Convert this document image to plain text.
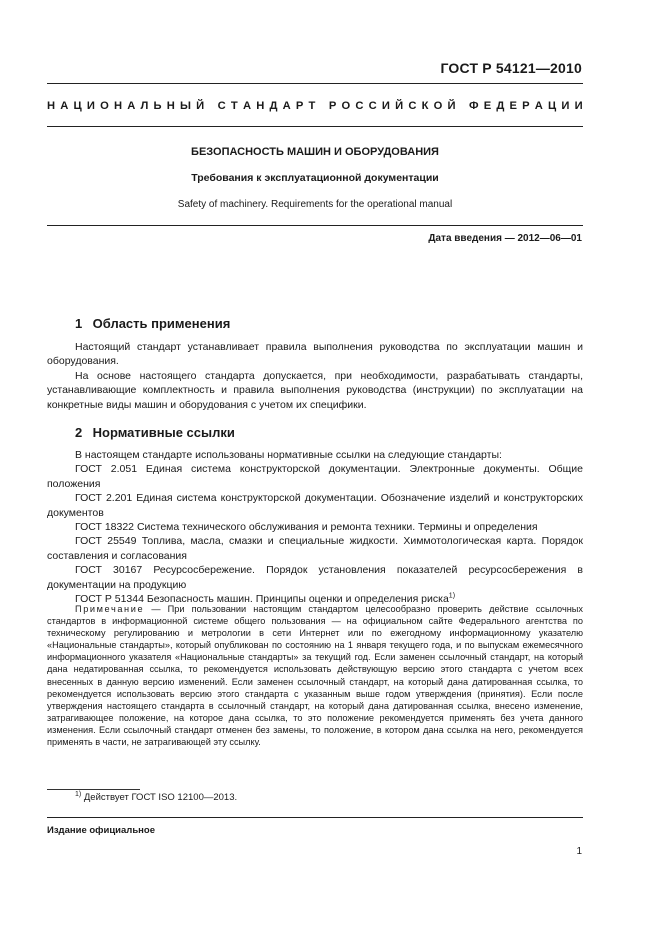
ГОСТ Р 54121—2010
Н А Ц И О Н А Л Ь Н Ы Й
С Т А Н Д А Р Т
Р О С С И Й С К О Й
Ф Е Д Е Р А Ц И И
БЕЗОПАСНОСТЬ МАШИН И ОБОРУДОВАНИЯ
Требования к эксплуатационной документации
Safety of machinery. Requirements for the operational manual
Дата введения — 2012—06—01
1 Область применения

Настоящий стандарт устанавливает правила выполнения руководства по эксплуатации машин и оборудования.

На основе настоящего стандарта допускается, при необходимости, разрабатывать стандарты, устанавливающие комплектность и правила выполнения руководства (инструкции) по эксплуатации на конкретные виды машин и оборудования с учетом их специфики.

2 Нормативные ссылки

В настоящем стандарте использованы нормативные ссылки на следующие стандарты:

ГОСТ 2.051 Единая система конструкторской документации. Электронные документы. Общие положения

ГОСТ 2.201 Единая система конструкторской документации. Обозначение изделий и конструкторских документов

ГОСТ 18322 Система технического обслуживания и ремонта техники. Термины и определения

ГОСТ 25549 Топлива, масла, смазки и специальные жидкости. Химмотологическая карта. Порядок составления и согласования

ГОСТ 30167 Ресурсосбережение. Порядок установления показателей ресурсосбережения в документации на продукцию

ГОСТ Р 51344 Безопасность машин. Принципы оценки и определения риска$^{1)}$

Примечание — При пользовании настоящим стандартом целесообразно проверить действие ссылочных стандартов в информационной системе общего пользования — на официальном сайте Федерального агентства по техническому регулированию и метрологии в сети Интернет или по ежегодному информационному указателю «Национальные стандарты», который опубликован по состоянию на 1 января текущего года, и по выпускам ежемесячного информационного указателя «Национальные стандарты» за текущий год. Если заменен ссылочный стандарт, на который дана недатированная ссылка, то рекомендуется использовать действующую версию этого стандарта с учетом всех внесенных в данную версию изменений. Если заменен ссылочный стандарт, на который дана датированная ссылка, то рекомендуется использовать версию этого стандарта с указанным выше годом утверждения (принятия). Если после утверждения настоящего стандарта в ссылочный стандарт, на который дана датированная ссылка, внесено изменение, затрагивающее положение, на которое дана ссылка, то это положение рекомендуется применять без учета данного изменения. Если ссылочный стандарт отменен без замены, то положение, в котором дана ссылка на него, рекомендуется применять в части, не затрагивающей эту ссылку.
$^{1)}$ Действует ГОСТ ISO 12100—2013.
Издание официальное
1
